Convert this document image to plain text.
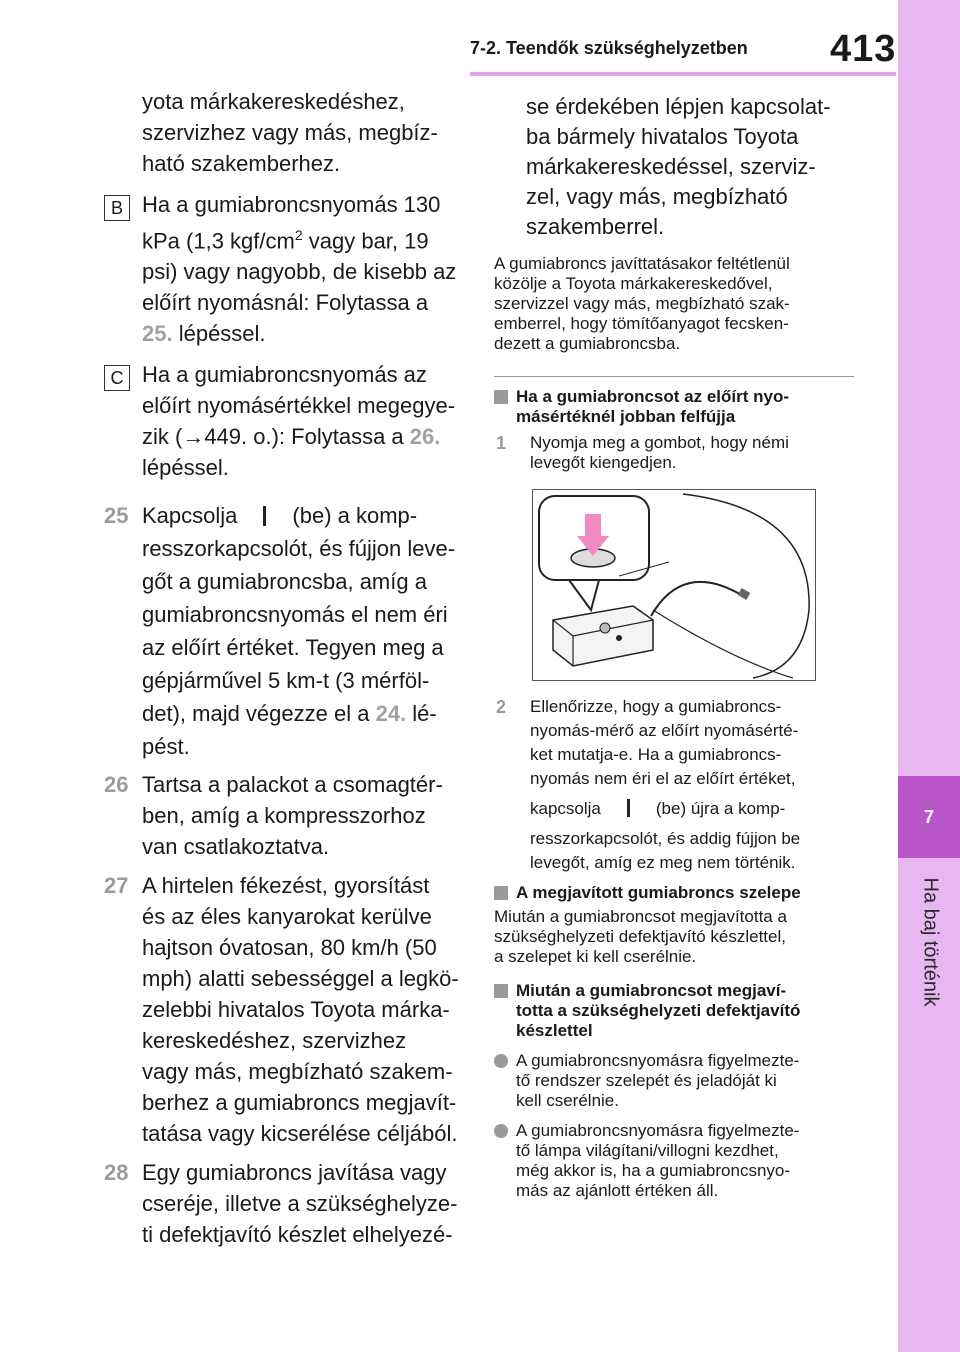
7-2. Teendők szükséghelyzetben 413
7
Ha baj történik
yota márkakereskedéshez,
szervizhez vagy más, megbíz-
ható szakemberhez.
B Ha a gumiabroncsnyomás 130
kPa (1,3 kgf/$cm^2$ vagy bar, 19
psi) vagy nagyobb, de kisebb az
előírt nyomásnál: Folytassa a
25. lépéssel.
C Ha a gumiabroncsnyomás az
előírt nyomásértékkel megegye-
zik (→449. o.): Folytassa a 26.
lépéssel.
25 Kapcsolja	(be) a komp-
resszorkapcsolót, és fújjon leve-
gőt a gumiabroncsba, amíg a
gumiabroncsnyomás el nem éri
az előírt értéket. Tegyen meg a
gépjárművel 5 km-t (3 mérföl-
det), majd végezze el a 24. lé-
pést.
26 Tartsa a palackot a csomagtér-
ben, amíg a kompresszorhoz
van csatlakoztatva.
27 A hirtelen fékezést, gyorsítást
és az éles kanyarokat kerülve
hajtson óvatosan, 80 km/h (50
mph) alatti sebességgel a legkö-
zelebbi hivatalos Toyota márka-
kereskedéshez, szervizhez
vagy más, megbízható szakem-
berhez a gumiabroncs megjavít-
tatása vagy kicserélése céljából.
28 Egy gumiabroncs javítása vagy
cseréje, illetve a szükséghelyze-
ti defektjavító készlet elhelyezé-
se érdekében lépjen kapcsolat-
ba bármely hivatalos Toyota
márkakereskedéssel, szerviz-
zel, vagy más, megbízható
szakemberrel.
A gumiabroncs javíttatásakor feltétlenül
közölje a Toyota márkakereskedővel,
szervizzel vagy más, megbízható szak-
emberrel, hogy tömítőanyagot fecsken-
dezett a gumiabroncsba.
Ha a gumiabroncsot az előírt nyo-
másértéknél jobban felfújja
1 Nyomja meg a gombot, hogy némi
levegőt kiengedjen.
2 Ellenőrizze, hogy a gumiabroncs-
nyomás-mérő az előírt nyomásérté-
ket mutatja-e. Ha a gumiabroncs-
nyomás nem éri el az előírt értéket,
kapcsolja	(be) újra a komp-
resszorkapcsolót, és addig fújjon be
levegőt, amíg ez meg nem történik.
A megjavított gumiabroncs szelepe
Miután a gumiabroncsot megjavította a
szükséghelyzeti defektjavító készlettel,
a szelepet ki kell cserélnie.
Miután a gumiabroncsot megjaví-
totta a szükséghelyzeti defektjavító
készlettel
A gumiabroncsnyomásra figyelmezte-
tő rendszer szelepét és jeladóját ki
kell cserélnie.
A gumiabroncsnyomásra figyelmezte-
tő lámpa világítani/villogni kezdhet,
még akkor is, ha a gumiabroncsnyo-
más az ajánlott értéken áll.
